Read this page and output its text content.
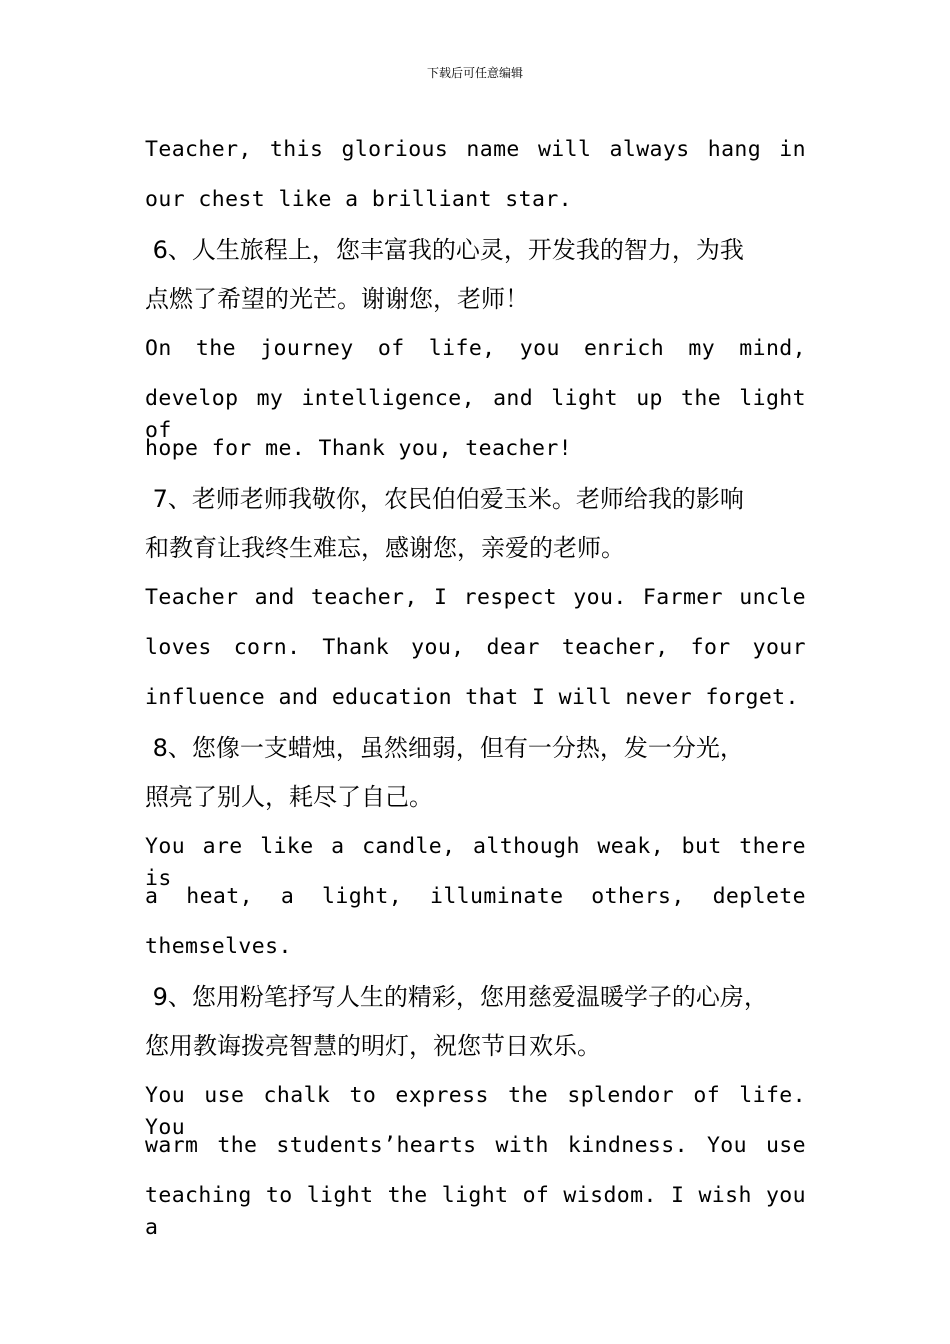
下载后可任意编辑
Teacher, this glorious name will always hang in
our chest like a brilliant star.
6、人生旅程上，您丰富我的心灵，开发我的智力，为我
点燃了希望的光芒。谢谢您，老师！
On the journey of life, you enrich my mind,
develop my intelligence, and light up the light of
hope for me. Thank you, teacher!
7、老师老师我敬你，农民伯伯爱玉米。老师给我的影响
和教育让我终生难忘，感谢您，亲爱的老师。
Teacher and teacher, I respect you. Farmer uncle
loves corn. Thank you, dear teacher, for your
influence and education that I will never forget.
8、您像一支蜡烛，虽然细弱，但有一分热，发一分光，
照亮了别人，耗尽了自己。
You are like a candle, although weak, but there is
a heat, a light, illuminate others, deplete
themselves.
9、您用粉笔抒写人生的精彩，您用慈爱温暖学子的心房，
您用教诲拨亮智慧的明灯，祝您节日欢乐。
You use chalk to express the splendor of life. You
warm the students’hearts with kindness. You use
teaching to light the light of wisdom. I wish you a
